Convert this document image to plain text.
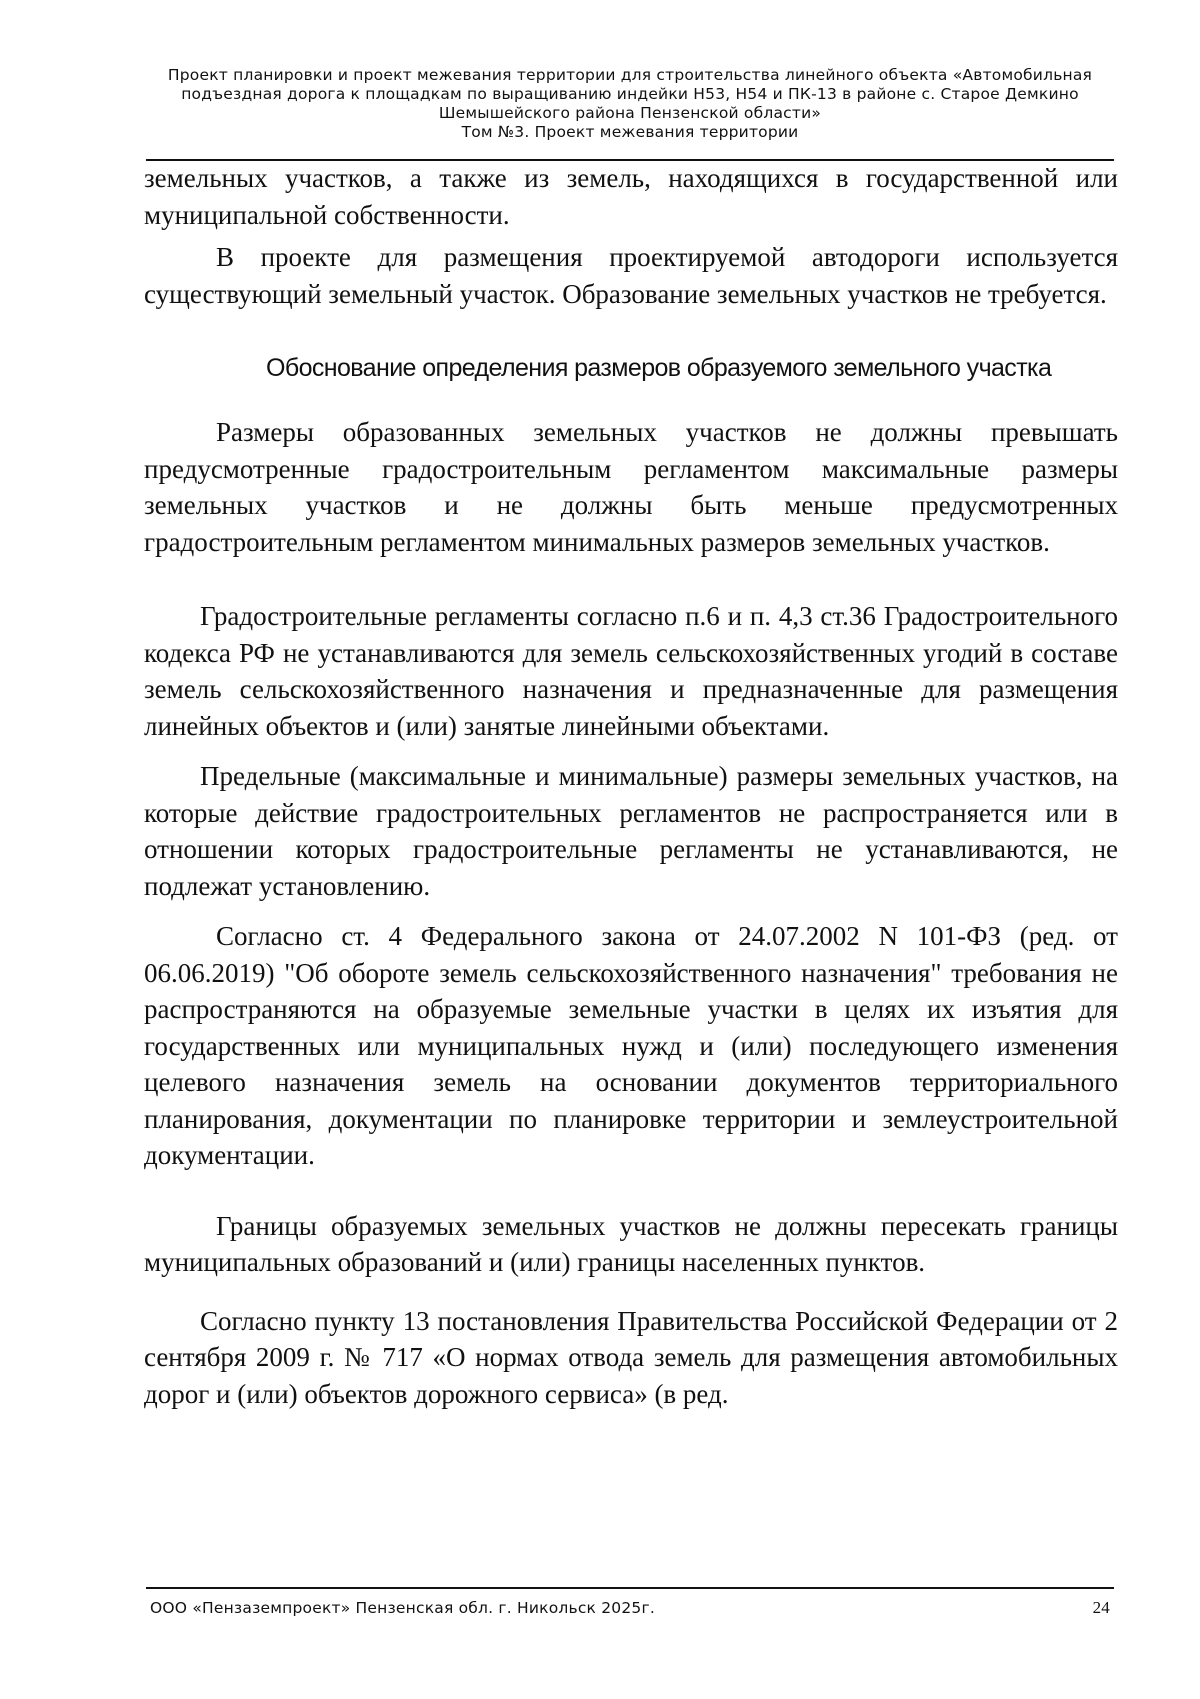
Проект планировки и проект межевания территории для строительства линейного объекта «Автомобильная
подъездная дорога к площадкам по выращиванию индейки Н53, Н54 и ПК-13 в районе с. Старое Демкино
Шемышейского района Пензенской области»
Том №3. Проект межевания территории

земельных участков, а также из земель, находящихся в государственной или муниципальной собственности.

В проекте для размещения проектируемой автодороги используется существующий земельный участок. Образование земельных участков не требуется.

Обоснование определения размеров образуемого земельного участка

Размеры образованных земельных участков не должны превышать предусмотренные градостроительным регламентом максимальные размеры земельных участков и не должны быть меньше предусмотренных градостроительным регламентом минимальных размеров земельных участков.

Градостроительные регламенты согласно п.6 и п. 4,3 ст.36 Градостроительного кодекса РФ не устанавливаются для земель сельскохозяйственных угодий в составе земель сельскохозяйственного назначения и предназначенные для размещения линейных объектов и (или) занятые линейными объектами.

Предельные (максимальные и минимальные) размеры земельных участков, на которые действие градостроительных регламентов не распространяется или в отношении которых градостроительные регламенты не устанавливаются, не подлежат установлению.

Согласно ст. 4 Федерального закона от 24.07.2002 N 101-ФЗ (ред. от 06.06.2019) "Об обороте земель сельскохозяйственного назначения" требования не распространяются на образуемые земельные участки в целях их изъятия для государственных или муниципальных нужд и (или) последующего изменения целевого назначения земель на основании документов территориального планирования, документации по планировке территории и землеустроительной документации.

Границы образуемых земельных участков не должны пересекать границы муниципальных образований и (или) границы населенных пунктов.

Согласно пункту 13 постановления Правительства Российской Федерации от 2 сентября 2009 г. № 717 «О нормах отвода земель для размещения автомобильных дорог и (или) объектов дорожного сервиса» (в ред.

ООО «Пензаземпроект» Пензенская обл. г. Никольск 2025г.	24
